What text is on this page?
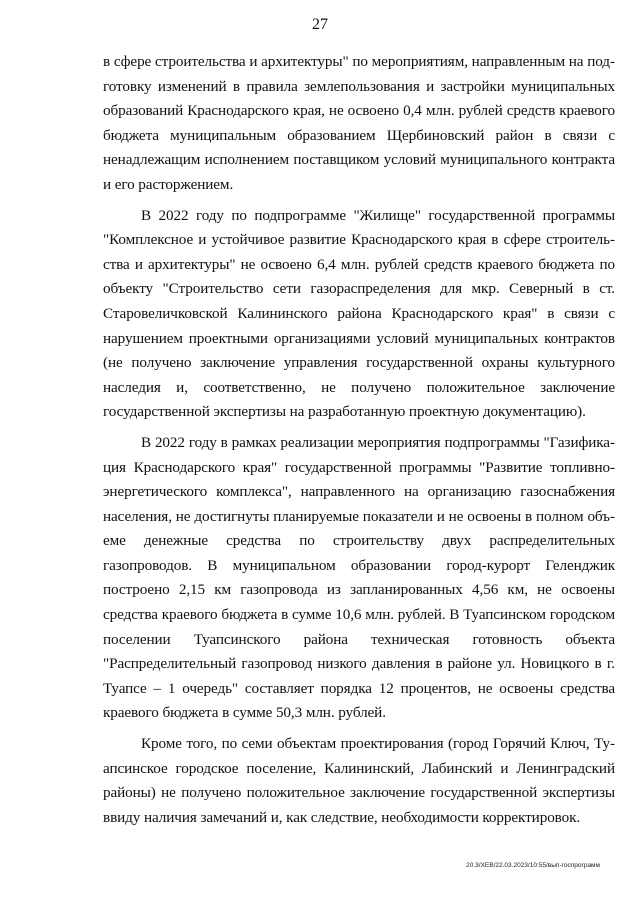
27

в сфере строительства и архитектуры" по мероприятиям, направленным на подготовку изменений в правила землепользования и застройки муниципальных образований Краснодарского края, не освоено 0,4 млн. рублей средств краевого бюджета муниципальным образованием Щербиновский район в связи с ненадлежащим исполнением поставщиком условий муниципального контракта и его расторжением.

В 2022 году по подпрограмме "Жилище" государственной программы "Комплексное и устойчивое развитие Краснодарского края в сфере строительства и архитектуры" не освоено 6,4 млн. рублей средств краевого бюджета по объекту "Строительство сети газораспределения для мкр. Северный в ст. Старовеличковской Калининского района Краснодарского края" в связи с нарушением проектными организациями условий муниципальных контрактов (не получено заключение управления государственной охраны культурного наследия и, соответственно, не получено положительное заключение государственной экспертизы на разработанную проектную документацию).

В 2022 году в рамках реализации мероприятия подпрограммы "Газификация Краснодарского края" государственной программы "Развитие топливно-энергетического комплекса", направленного на организацию газоснабжения населения, не достигнуты планируемые показатели и не освоены в полном объеме денежные средства по строительству двух распределительных газопроводов. В муниципальном образовании город-курорт Геленджик построено 2,15 км газопровода из запланированных 4,56 км, не освоены средства краевого бюджета в сумме 10,6 млн. рублей. В Туапсинском городском поселении Туапсинского района техническая готовность объекта "Распределительный газопровод низкого давления в районе ул. Новицкого в г. Туапсе – 1 очередь" составляет порядка 12 процентов, не освоены средства краевого бюджета в сумме 50,3 млн. рублей.

Кроме того, по семи объектам проектирования (город Горячий Ключ, Туапсинское городское поселение, Калининский, Лабинский и Ленинградский районы) не получено положительное заключение государственной экспертизы ввиду наличия замечаний и, как следствие, необходимости корректировок.

20.3/ХЕВ/22.03.2023/10:55/вып-госпрограмм
